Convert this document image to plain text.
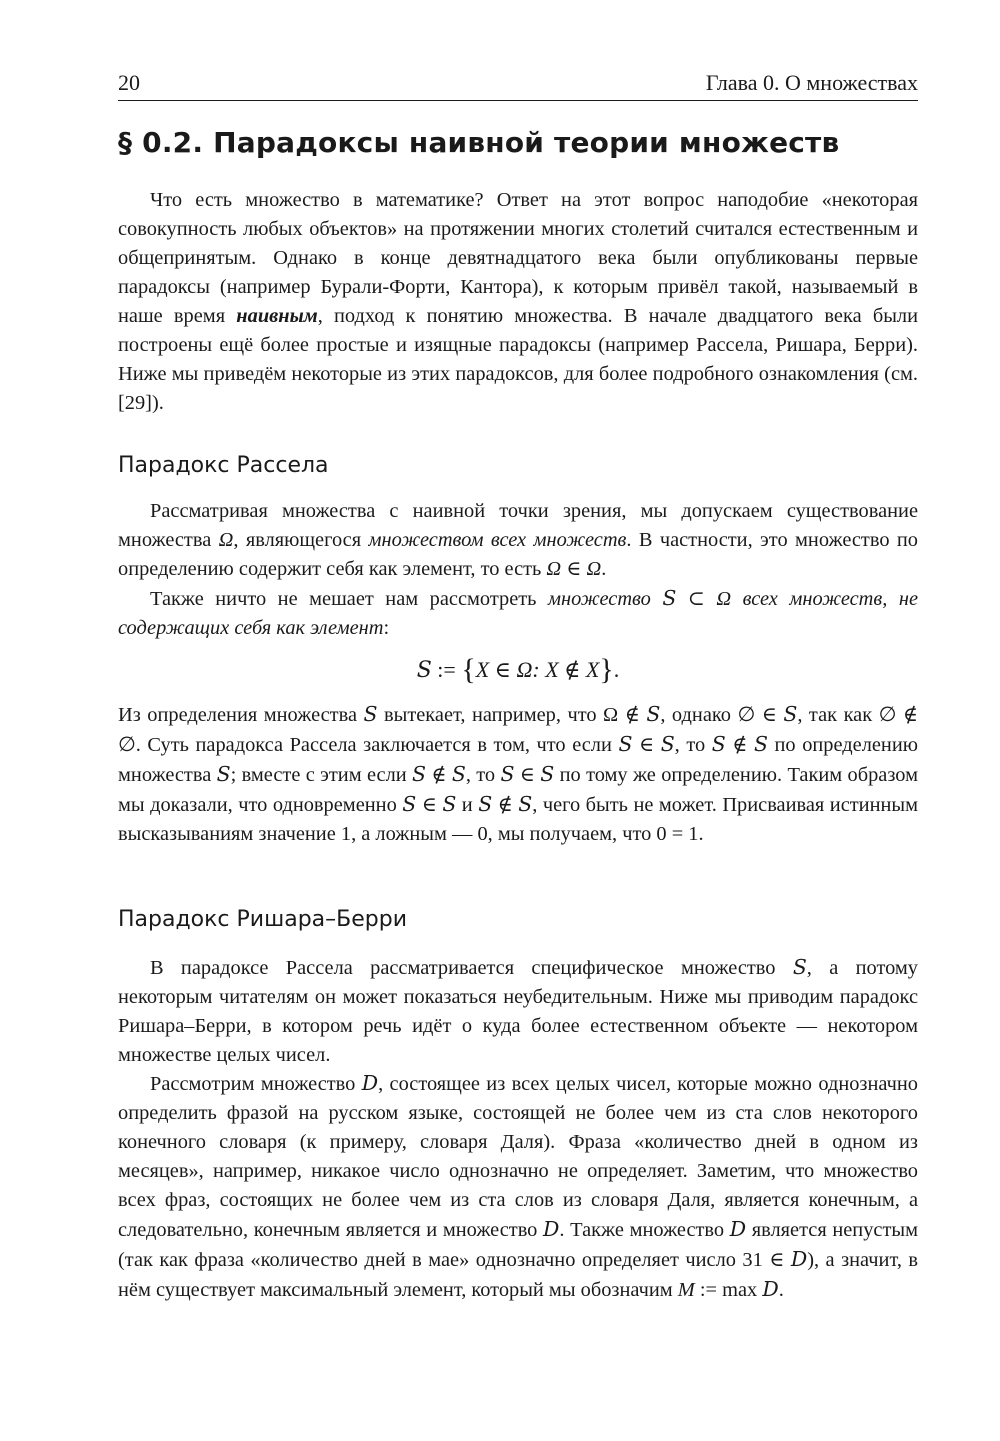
20	Глава 0. О множествах
§ 0.2. Парадоксы наивной теории множеств
Что есть множество в математике? Ответ на этот вопрос наподобие «некоторая совокупность любых объектов» на протяжении многих столетий считался естественным и общепринятым. Однако в конце девятнадцатого века были опубликованы первые парадоксы (например Бурали-Форти, Кантора), к которым привёл такой, называемый в наше время наивным, подход к понятию множества. В начале двадцатого века были построены ещё более простые и изящные парадоксы (например Рассела, Ришара, Берри). Ниже мы приведём некоторые из этих парадоксов, для более подробного ознакомления (см. [29]).
Парадокс Рассела
Рассматривая множества с наивной точки зрения, мы допускаем существование множества Ω, являющегося множеством всех множеств. В частности, это множество по определению содержит себя как элемент, то есть Ω ∈ Ω.
Также ничто не мешает нам рассмотреть множество S ⊂ Ω всех множеств, не содержащих себя как элемент:
S := {X ∈ Ω: X ∉ X}.
Из определения множества S вытекает, например, что Ω ∉ S, однако ∅ ∈ S, так как ∅ ∉ ∅. Суть парадокса Рассела заключается в том, что если S ∈ S, то S ∉ S по определению множества S; вместе с этим если S ∉ S, то S ∈ S по тому же определению. Таким образом мы доказали, что одновременно S ∈ S и S ∉ S, чего быть не может. Присваивая истинным высказываниям значение 1, а ложным — 0, мы получаем, что 0 = 1.
Парадокс Ришара–Берри
В парадоксе Рассела рассматривается специфическое множество S, а потому некоторым читателям он может показаться неубедительным. Ниже мы приводим парадокс Ришара–Берри, в котором речь идёт о куда более естественном объекте — некотором множестве целых чисел.
Рассмотрим множество D, состоящее из всех целых чисел, которые можно однозначно определить фразой на русском языке, состоящей не более чем из ста слов некоторого конечного словаря (к примеру, словаря Даля). Фраза «количество дней в одном из месяцев», например, никакое число однозначно не определяет. Заметим, что множество всех фраз, состоящих не более чем из ста слов из словаря Даля, является конечным, а следовательно, конечным является и множество D. Также множество D является непустым (так как фраза «количество дней в мае» однозначно определяет число 31 ∈ D), а значит, в нём существует максимальный элемент, который мы обозначим M := max D.
